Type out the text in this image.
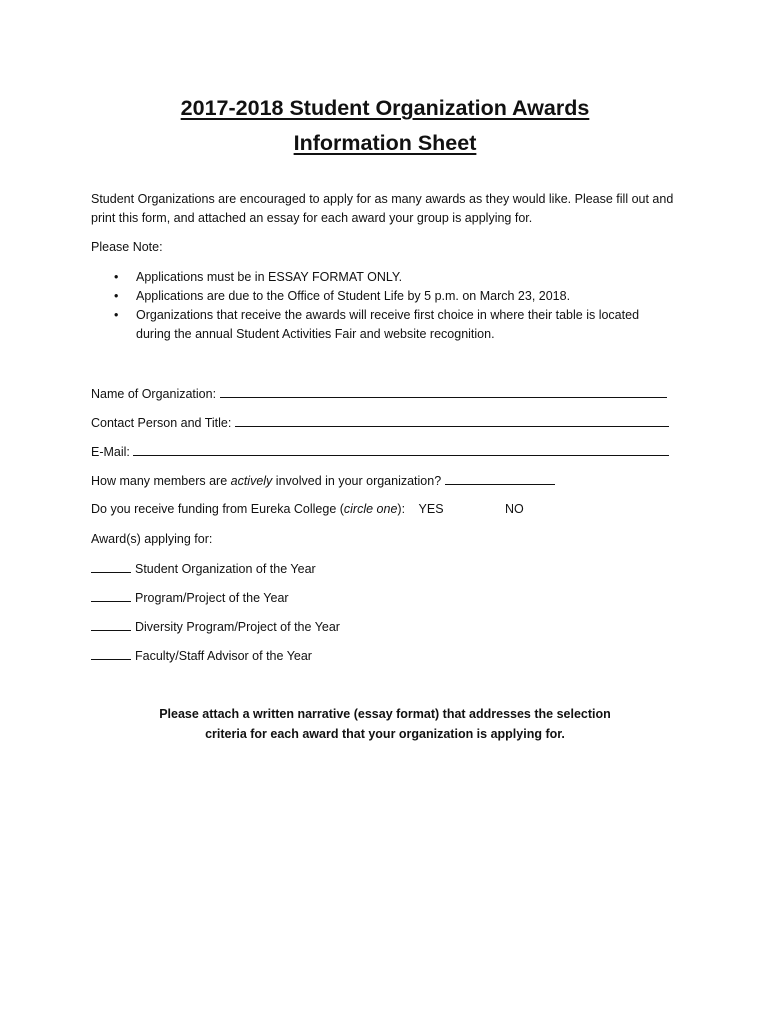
2017-2018 Student Organization Awards
Information Sheet

Student Organizations are encouraged to apply for as many awards as they would like. Please fill out and print this form, and attached an essay for each award your group is applying for.

Please Note:

• Applications must be in ESSAY FORMAT ONLY.
• Applications are due to the Office of Student Life by 5 p.m. on March 23, 2018.
• Organizations that receive the awards will receive first choice in where their table is located during the annual Student Activities Fair and website recognition.
Name of Organization:
Contact Person and Title:
E-Mail:
How many members are actively involved in your organization?
Do you receive funding from Eureka College (circle one): YES	NO
Award(s) applying for:
Student Organization of the Year
Program/Project of the Year
Diversity Program/Project of the Year
Faculty/Staff Advisor of the Year
Please attach a written narrative (essay format) that addresses the selection
criteria for each award that your organization is applying for.
